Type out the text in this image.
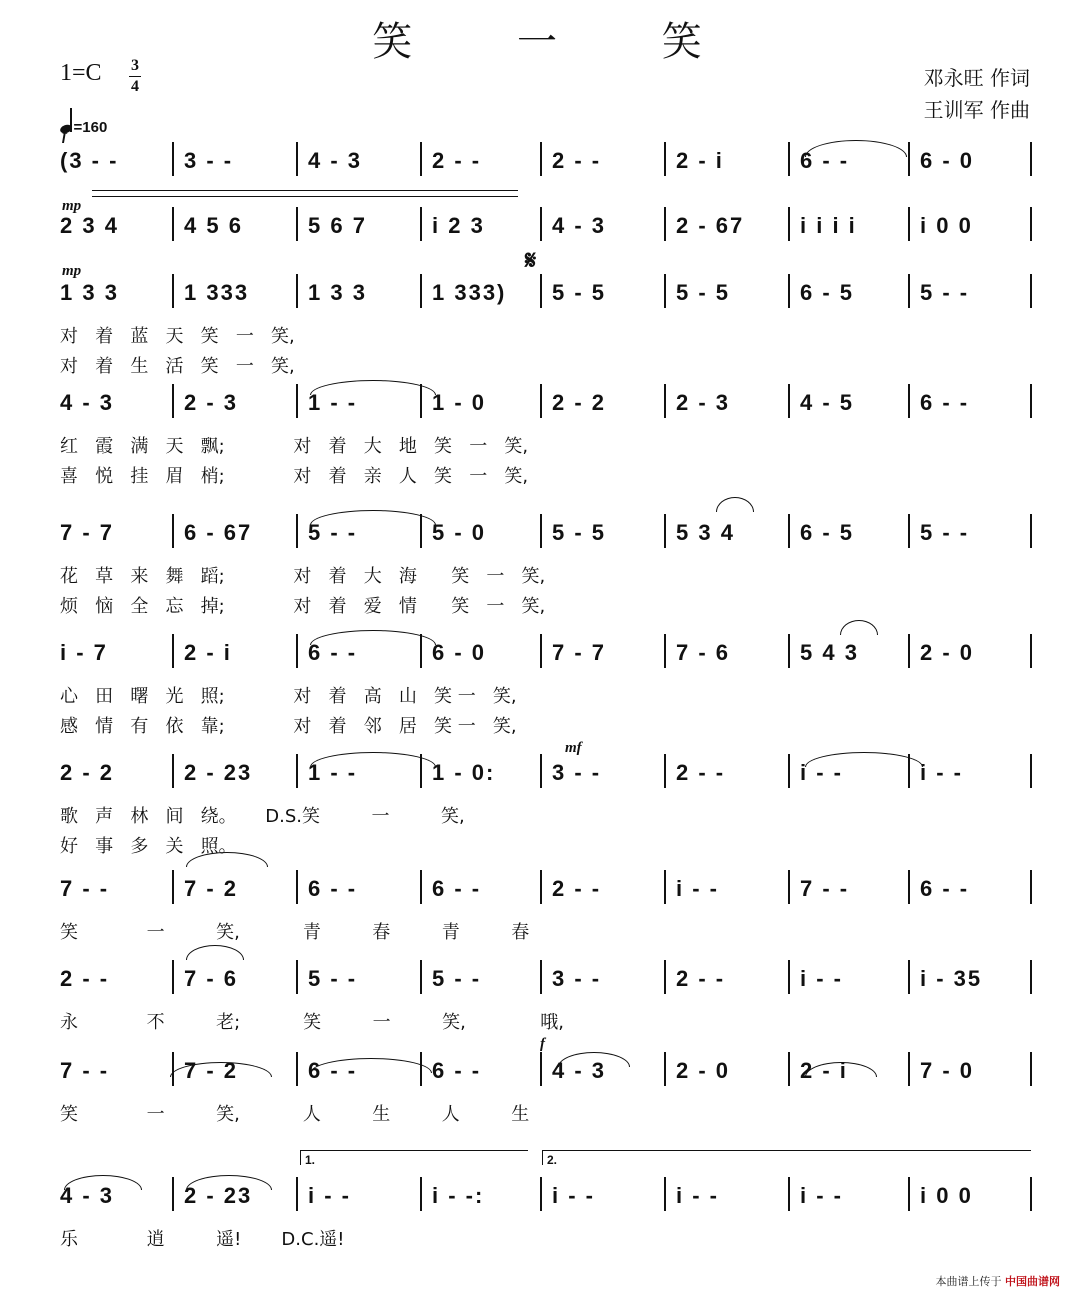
笑 一 笑
1=C 3
4
=160
邓永旺 作词
王训军 作曲
f
mp
mp
mf
f
𝄋
1.	2.
(3 - -	3 - -	4 - 3	2 - -	2 - -	2 - i	6 - -	6 - 0
2 3 4	4 5 6	5 6 7	i 2 3	4 - 3	2 - 67	i i i i	i 0 0
1 3 3	1 333	1 3 3	1 333)	5 - 5	5 - 5	6 - 5	5 - -
对   着   蓝   天   笑   一   笑,
对   着   生   活   笑   一   笑,
4 - 3	2 - 3	1 - -	1 - 0	2 - 2	2 - 3	4 - 5	6 - -
红   霞   满   天   飘;            对   着   大   地   笑   一   笑,
喜   悦   挂   眉   梢;            对   着   亲   人   笑   一   笑,
7 - 7	6 - 67	5 - -	5 - 0	5 - 5	5 3 4	6 - 5	5 - -
花   草   来   舞   蹈;            对   着   大   海      笑   一   笑,
烦   恼   全   忘   掉;            对   着   爱   情      笑   一   笑,
i - 7	2 - i	6 - -	6 - 0	7 - 7	7 - 6	5 4 3	2 - 0
心   田   曙   光   照;            对   着   高   山   笑 一   笑,
感   情   有   依   靠;            对   着   邻   居   笑 一   笑,
2 - 2	2 - 23	1 - -	1 - 0:	3 - -	2 - -	i - -	i - -
歌   声   林   间   绕。     D.S.笑         一         笑,
好   事   多   关   照。
7 - -	7 - 2	6 - -	6 - -	2 - -	i - -	7 - -	6 - -
笑            一         笑,           青         春         青         春
2 - -	7 - 6	5 - -	5 - -	3 - -	2 - -	i - -	i - 35
永            不         老;           笑         一         笑,             哦,
7 - -	7 - 2	6 - -	6 - -	4 - 3	2 - 0	2 - i	7 - 0
笑            一         笑,           人         生         人         生
4 - 3	2 - 23	i - -	i - -:	i - -	i - -	i - -	i 0 0
乐            逍         遥!       D.C.遥!
本曲谱上传于 中国曲谱网
